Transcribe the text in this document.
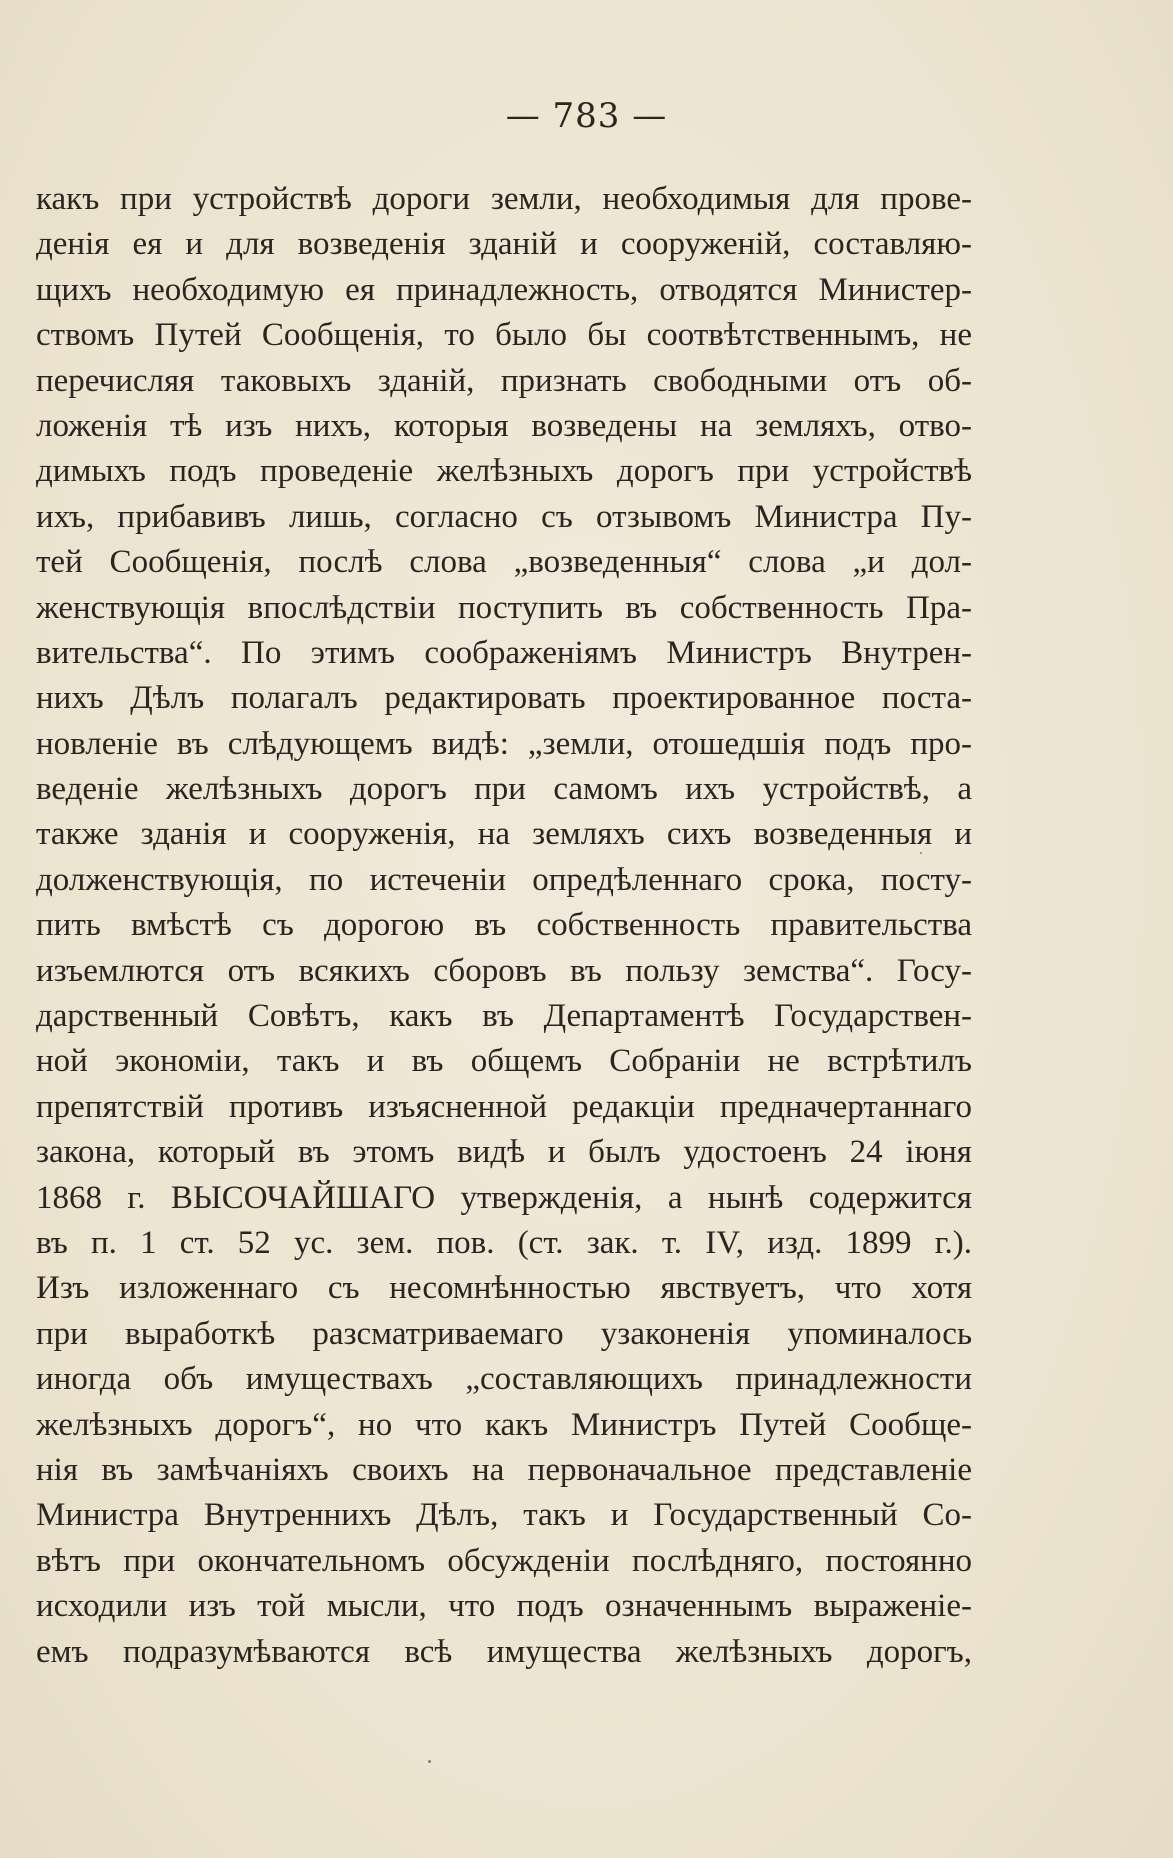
— 783 —
какъ при устройствѣ дороги земли, необходимыя для прове-
денія ея и для возведенія зданій и сооруженій, составляю-
щихъ необходимую ея принадлежность, отводятся Министер-
ствомъ Путей Сообщенія, то было бы соотвѣтственнымъ, не
перечисляя таковыхъ зданій, признать свободными отъ об-
ложенія тѣ изъ нихъ, которыя возведены на земляхъ, отво-
димыхъ подъ проведеніе желѣзныхъ дорогъ при устройствѣ
ихъ, прибавивъ лишь, согласно съ отзывомъ Министра Пу-
тей Сообщенія, послѣ слова „возведенныя“ слова „и дол-
женствующія впослѣдствіи поступить въ собственность Пра-
вительства“. По этимъ соображеніямъ Министръ Внутрен-
нихъ Дѣлъ полагалъ редактировать проектированное поста-
новленіе въ слѣдующемъ видѣ: „земли, отошедшія подъ про-
веденіе желѣзныхъ дорогъ при самомъ ихъ устройствѣ, а
также зданія и сооруженія, на земляхъ сихъ возведенныя и
долженствующія, по истеченіи опредѣленнаго срока, посту-
пить вмѣстѣ съ дорогою въ собственность правительства
изъемлются отъ всякихъ сборовъ въ пользу земства“. Госу-
дарственный Совѣтъ, какъ въ Департаментѣ Государствен-
ной экономіи, такъ и въ общемъ Собраніи не встрѣтилъ
препятствій противъ изъясненной редакціи предначертаннаго
закона, который въ этомъ видѣ и былъ удостоенъ 24 іюня
1868 г. ВЫСОЧАЙШАГО утвержденія, а нынѣ содержится
въ п. 1 ст. 52 ус. зем. пов. (ст. зак. т. IV, изд. 1899 г.).
Изъ изложеннаго съ несомнѣнностью явствуетъ, что хотя
при выработкѣ разсматриваемаго узаконенія упоминалось
иногда объ имуществахъ „составляющихъ принадлежности
желѣзныхъ дорогъ“, но что какъ Министръ Путей Сообще-
нія въ замѣчаніяхъ своихъ на первоначальное представленіе
Министра Внутреннихъ Дѣлъ, такъ и Государственный Со-
вѣтъ при окончательномъ обсужденіи послѣдняго, постоянно
исходили изъ той мысли, что подъ означеннымъ выраженіе-
емъ подразумѣваются всѣ имущества желѣзныхъ дорогъ,
